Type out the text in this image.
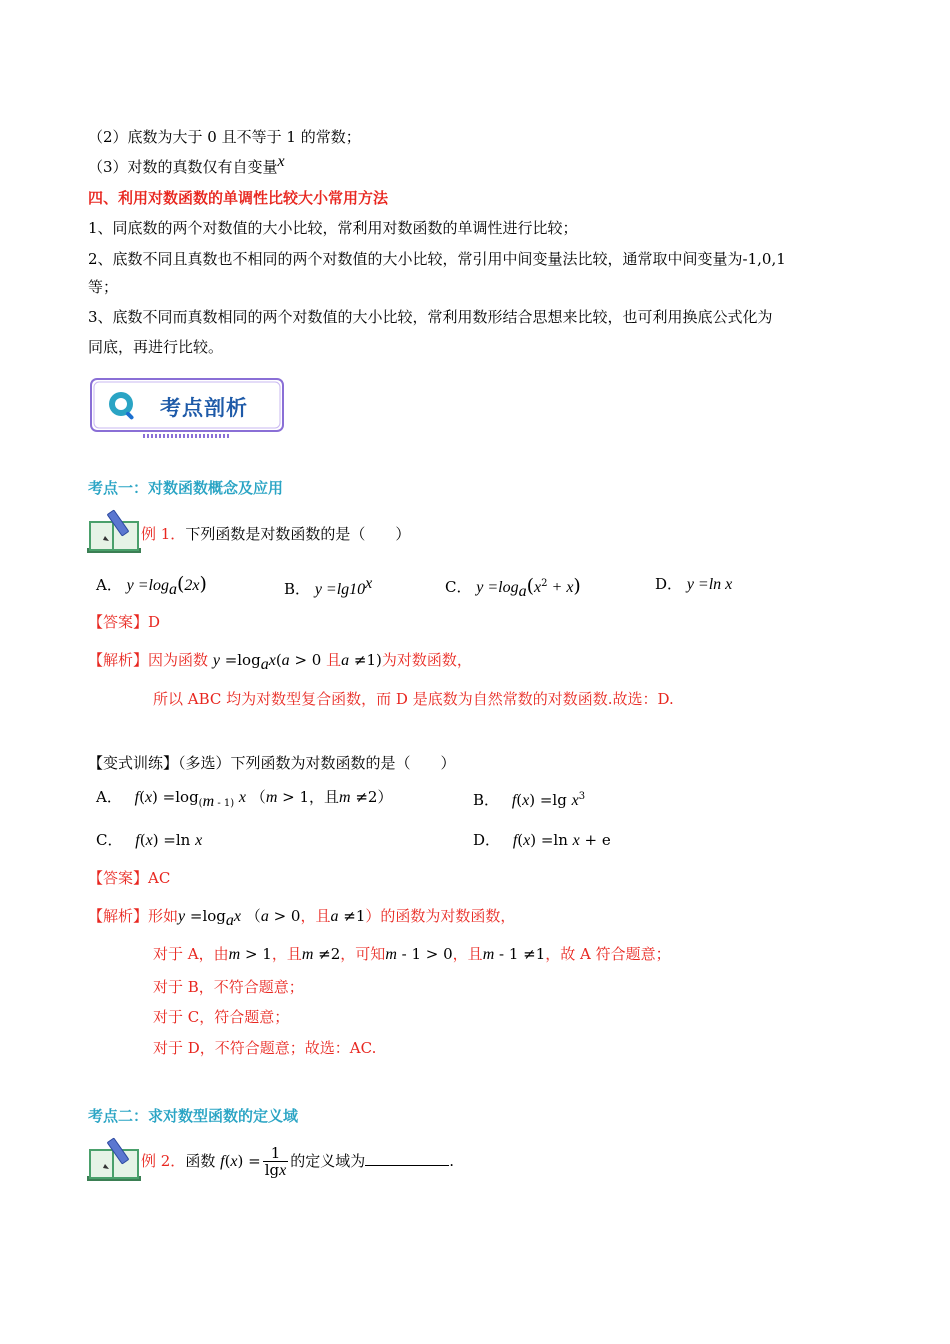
（2）底数为大于 0 且不等于 1 的常数；
（3）对数的真数仅有自变量x
四、利用对数函数的单调性比较大小常用方法
1、同底数的两个对数值的大小比较，常利用对数函数的单调性进行比较；
2、底数不同且真数也不相同的两个对数值的大小比较，常引用中间变量法比较，通常取中间变量为-1,0,1
等；
3、底数不同而真数相同的两个对数值的大小比较，常利用数形结合思想来比较，也可利用换底公式化为
同底，再进行比较。
考点剖析
考点一：对数函数概念及应用
例 1．下列函数是对数函数的是（　　）
A． $y =\log_a(2x)$	B． $y =\lg 10^x$	C． $y =\log_a(x^2 + x)$	D． y =ln x
【答案】D
【解析】因为函数 $y =\log_ax(a > 0$ 且a ≠1)为对数函数，
所以 ABC 均为对数型复合函数，而 D 是底数为自然常数的对数函数.故选：D.
【变式训练】（多选）下列函数为对数函数的是（　　）
A． $f(x) =\log_{(m - 1)}$ x （m > 1，且m ≠2）	B． f(x) =lg $x^3$
C． f(x) =ln x	D． f(x) =ln x + e
【答案】AC
【解析】形如$y =\log_ax$ （a > 0，且a ≠1）的函数为对数函数，
对于 A，由m > 1，且m ≠2，可知m - 1 > 0，且m - 1 ≠1，故 A 符合题意；
对于 B，不符合题意；
对于 C，符合题意；
对于 D，不符合题意；故选：AC.
考点二：求对数型函数的定义域
例 2．函数 $f(x) = \frac{1}{\lg x}$ 的定义域为	.
